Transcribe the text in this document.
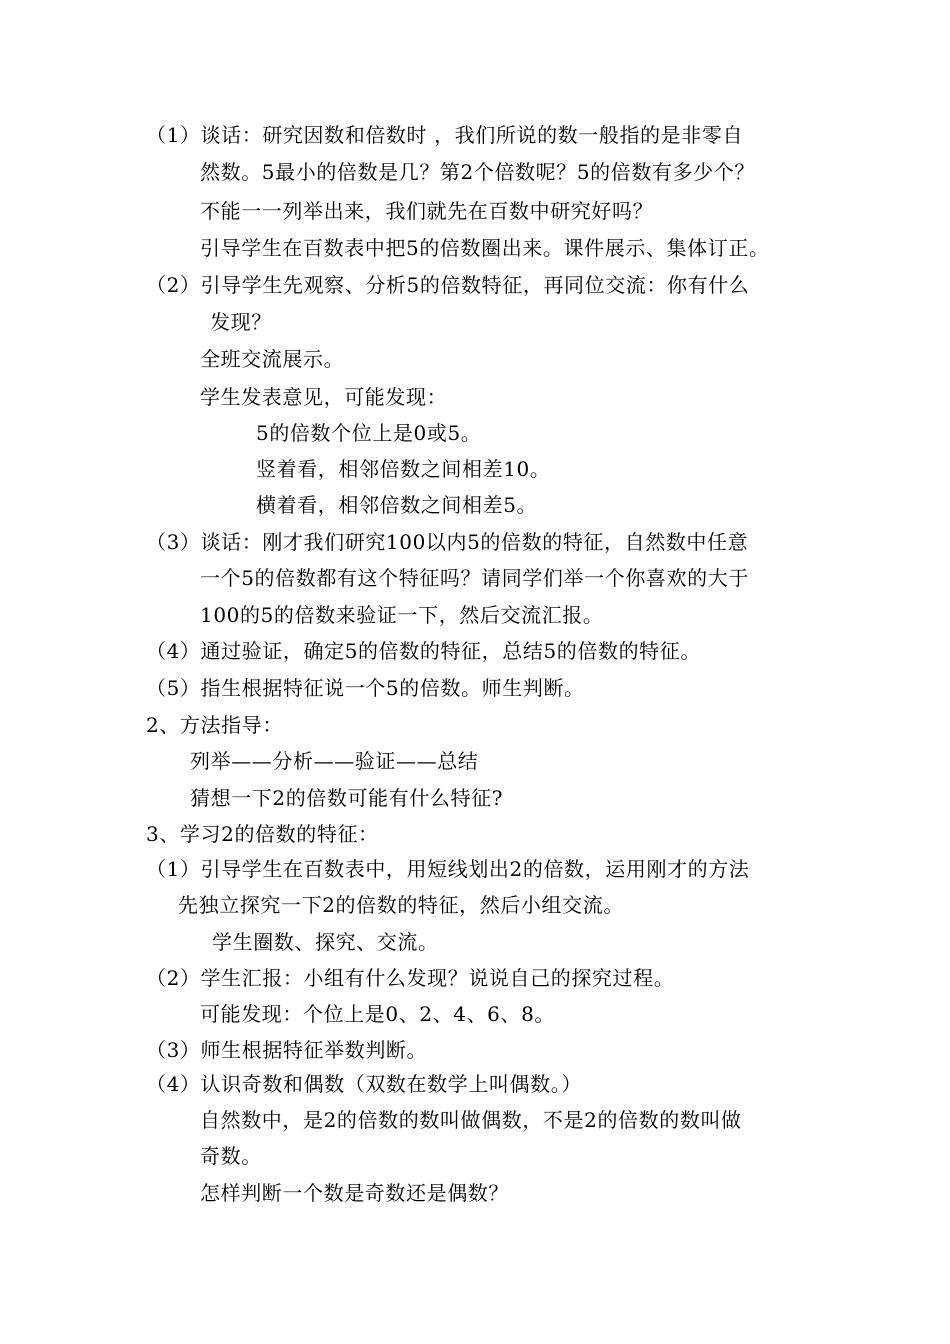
（1）谈话：研究因数和倍数时 ，我们所说的数一般指的是非零自
然数。5最小的倍数是几？第2个倍数呢？5的倍数有多少个？
不能一一列举出来，我们就先在百数中研究好吗？
引导学生在百数表中把5的倍数圈出来。课件展示、集体订正。
（2）引导学生先观察、分析5的倍数特征，再同位交流：你有什么
发现？
全班交流展示。
学生发表意见，可能发现：
5的倍数个位上是0或5。
竖着看，相邻倍数之间相差10。
横着看，相邻倍数之间相差5。
（3）谈话：刚才我们研究100以内5的倍数的特征，自然数中任意
一个5的倍数都有这个特征吗？请同学们举一个你喜欢的大于
100的5的倍数来验证一下，然后交流汇报。
（4）通过验证，确定5的倍数的特征，总结5的倍数的特征。
（5）指生根据特征说一个5的倍数。师生判断。
2、方法指导：
列举——分析——验证——总结
猜想一下2的倍数可能有什么特征?
3、学习2的倍数的特征：
（1）引导学生在百数表中，用短线划出2的倍数，运用刚才的方法
先独立探究一下2的倍数的特征，然后小组交流。
学生圈数、探究、交流。
（2）学生汇报：小组有什么发现？说说自己的探究过程。
可能发现：个位上是0、2、4、6、8。
（3）师生根据特征举数判断。
（4）认识奇数和偶数（双数在数学上叫偶数。）
自然数中，是2的倍数的数叫做偶数，不是2的倍数的数叫做
奇数。
怎样判断一个数是奇数还是偶数？
